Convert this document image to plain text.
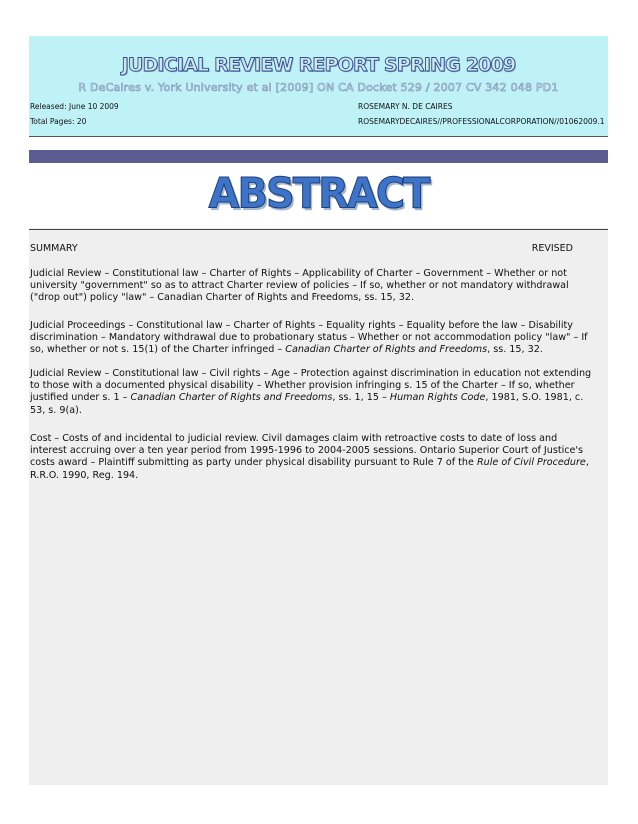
JUDICIAL REVIEW REPORT SPRING 2009
R DeCaires v. York University et al [2009] ON CA Docket 529 / 2007 CV 342 048 PD1
Released: June 10 2009
Total Pages: 20
ROSEMARY N. DE CAIRES
ROSEMARYDECAIRES//PROFESSIONALCORPORATION//01062009.1
ABSTRACT
SUMMARY	REVISED
Judicial Review – Constitutional law – Charter of Rights – Applicability of Charter – Government – Whether or not university "government" so as to attract Charter review of policies – If so, whether or not mandatory withdrawal ("drop out") policy "law" – Canadian Charter of Rights and Freedoms, ss. 15, 32.
Judicial Proceedings – Constitutional law – Charter of Rights – Equality rights – Equality before the law – Disability discrimination – Mandatory withdrawal due to probationary status – Whether or not accommodation policy "law" – If so, whether or not s. 15(1) of the Charter infringed – Canadian Charter of Rights and Freedoms, ss. 15, 32.
Judicial Review – Constitutional law – Civil rights – Age – Protection against discrimination in education not extending to those with a documented physical disability – Whether provision infringing s. 15 of the Charter – If so, whether justified under s. 1 – Canadian Charter of Rights and Freedoms, ss. 1, 15 – Human Rights Code, 1981, S.O. 1981, c. 53, s. 9(a).
Cost – Costs of and incidental to judicial review. Civil damages claim with retroactive costs to date of loss and interest accruing over a ten year period from 1995-1996 to 2004-2005 sessions. Ontario Superior Court of Justice's costs award – Plaintiff submitting as party under physical disability pursuant to Rule 7 of the Rule of Civil Procedure, R.R.O. 1990, Reg. 194.
